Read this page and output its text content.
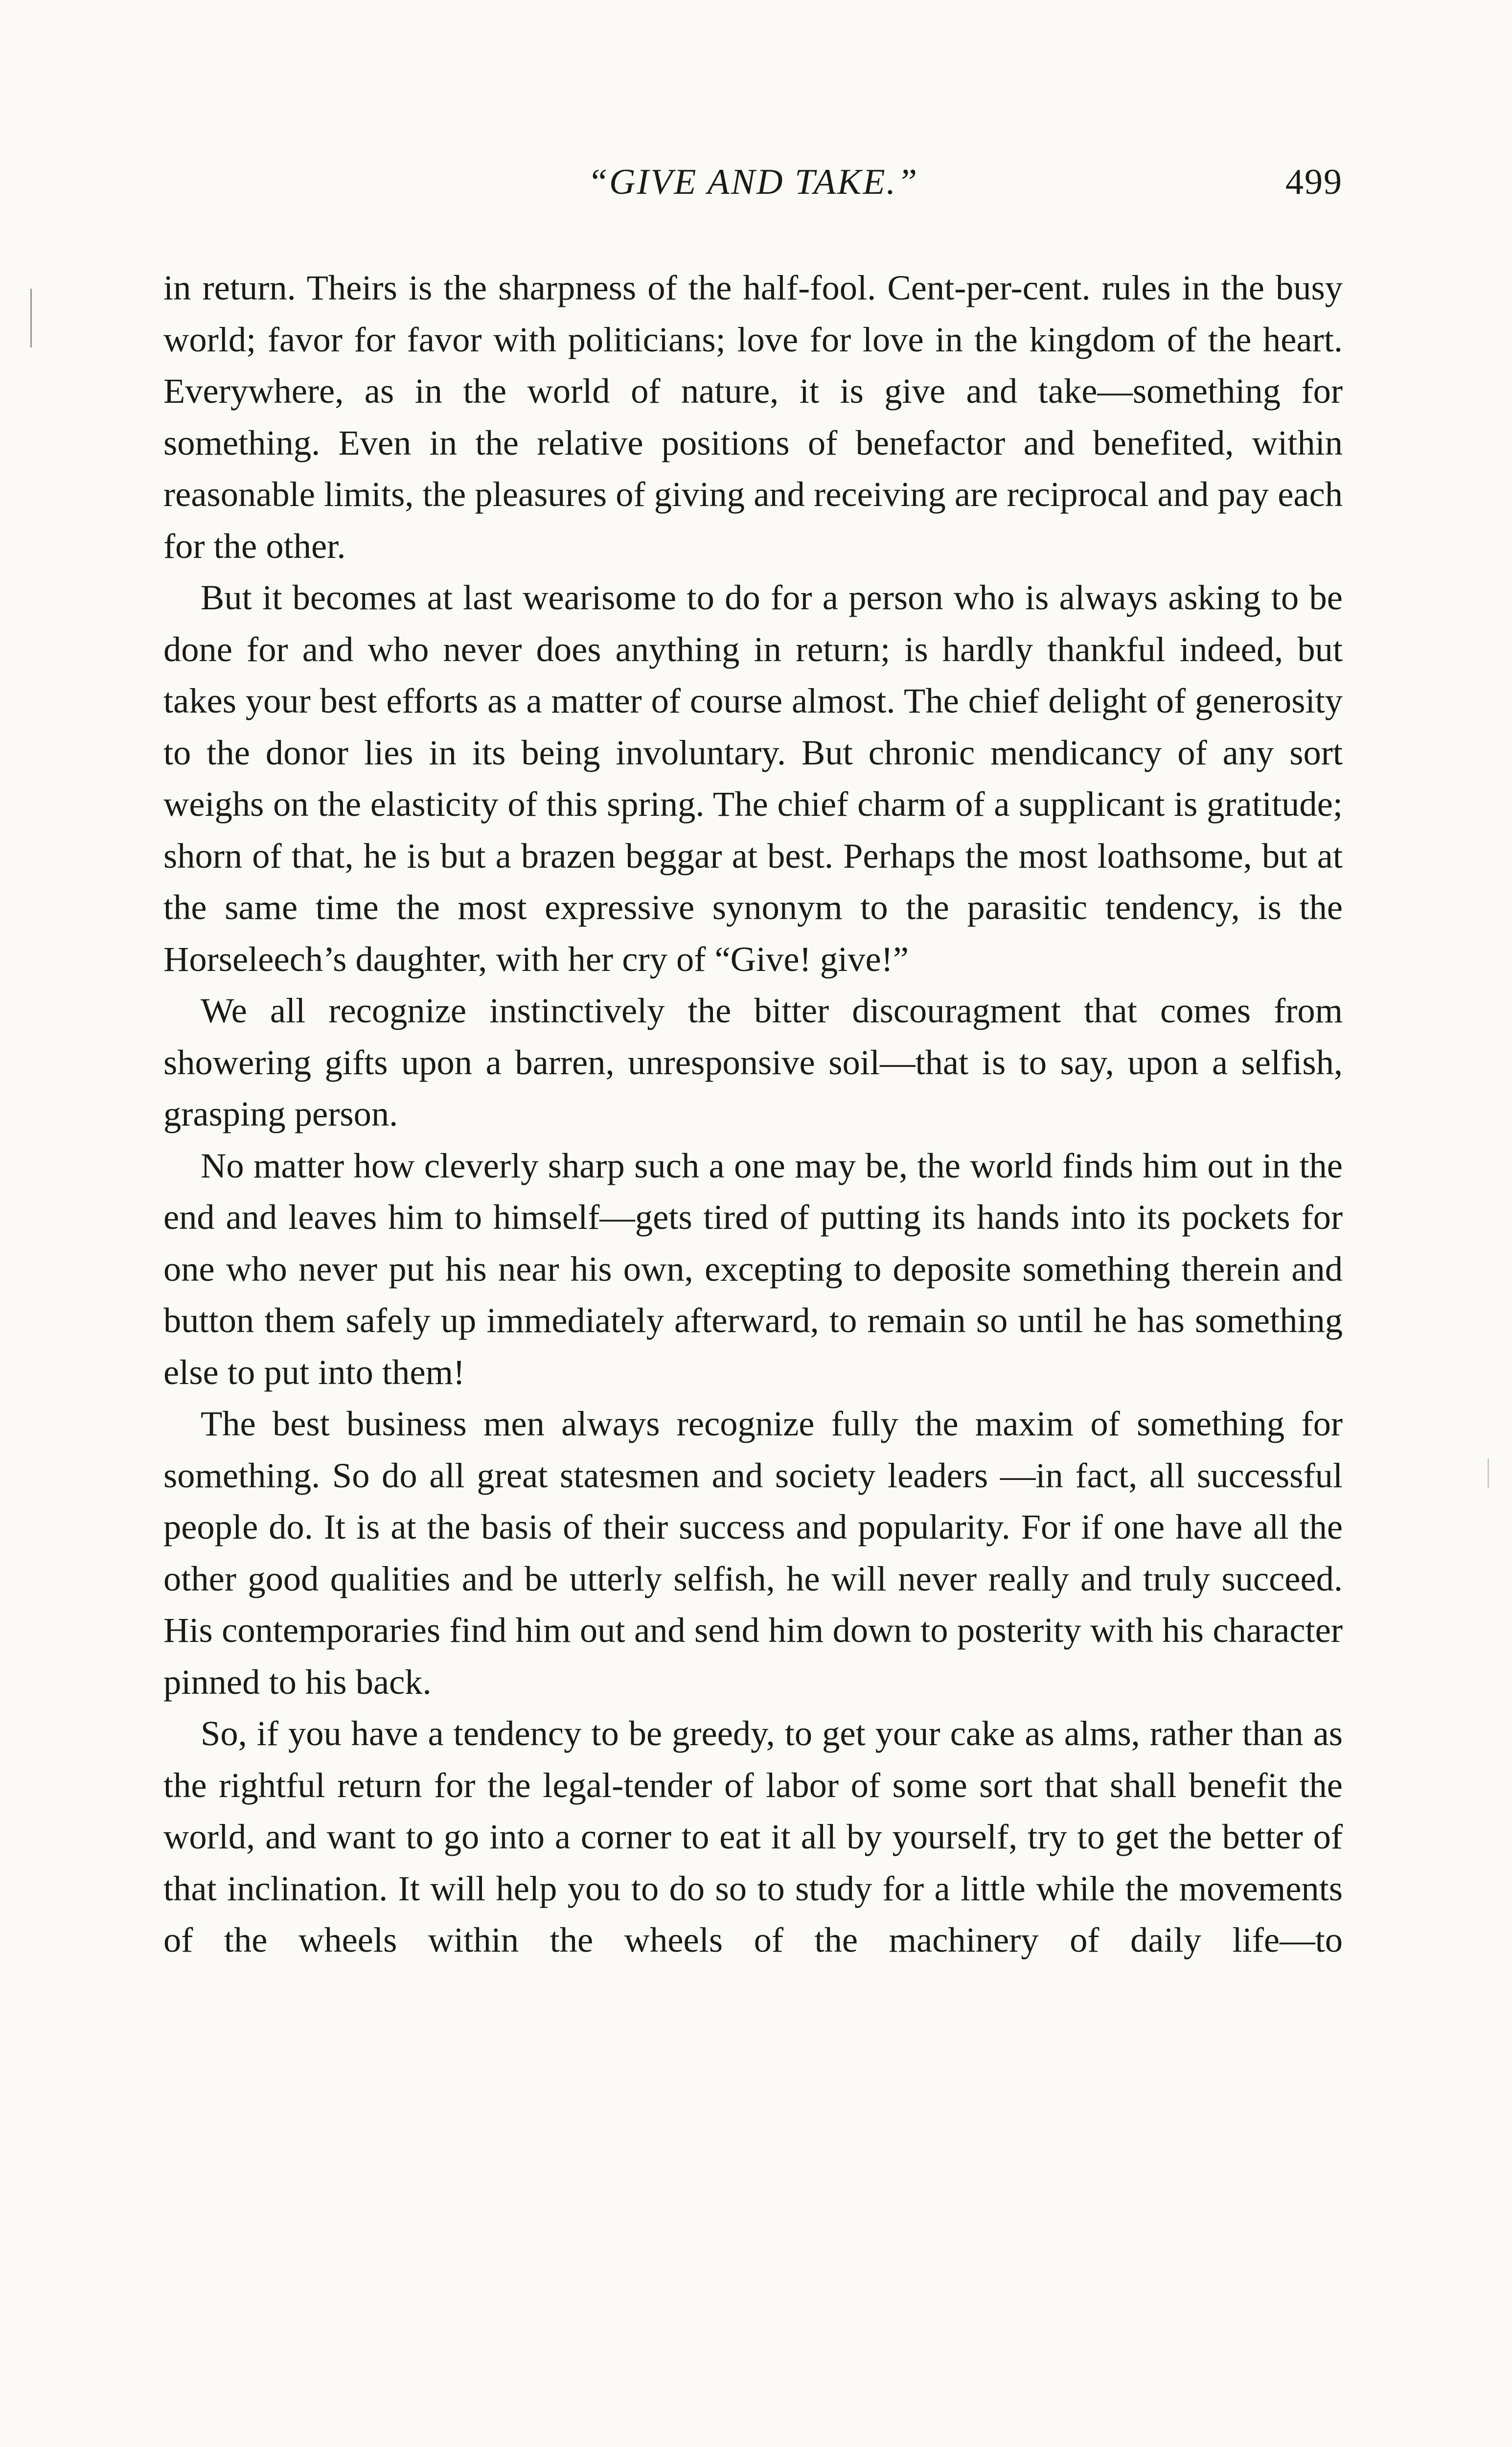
“GIVE AND TAKE.”	499

in return. Theirs is the sharpness of the half-fool. Cent-per-cent. rules in the busy world; favor for favor with politicians; love for love in the kingdom of the heart. Everywhere, as in the world of nature, it is give and take—something for something. Even in the relative positions of benefactor and benefited, within reasonable limits, the pleasures of giving and receiving are reciprocal and pay each for the other.

But it becomes at last wearisome to do for a person who is always asking to be done for and who never does anything in return; is hardly thankful indeed, but takes your best efforts as a matter of course almost. The chief delight of generosity to the donor lies in its being involuntary. But chronic mendicancy of any sort weighs on the elasticity of this spring. The chief charm of a supplicant is gratitude; shorn of that, he is but a brazen beggar at best. Perhaps the most loathsome, but at the same time the most expressive synonym to the parasitic tendency, is the Horseleech’s daughter, with her cry of “Give! give!”

We all recognize instinctively the bitter discouragment that comes from showering gifts upon a barren, unresponsive soil—that is to say, upon a selfish, grasping person.

No matter how cleverly sharp such a one may be, the world finds him out in the end and leaves him to himself—gets tired of putting its hands into its pockets for one who never put his near his own, excepting to deposite something therein and button them safely up immediately afterward, to remain so until he has something else to put into them!

The best business men always recognize fully the maxim of something for something. So do all great statesmen and society leaders —in fact, all successful people do. It is at the basis of their success and popularity. For if one have all the other good qualities and be utterly selfish, he will never really and truly succeed. His contemporaries find him out and send him down to posterity with his character pinned to his back.

So, if you have a tendency to be greedy, to get your cake as alms, rather than as the rightful return for the legal-tender of labor of some sort that shall benefit the world, and want to go into a corner to eat it all by yourself, try to get the better of that inclination. It will help you to do so to study for a little while the movements of the wheels within the wheels of the machinery of daily life—to
